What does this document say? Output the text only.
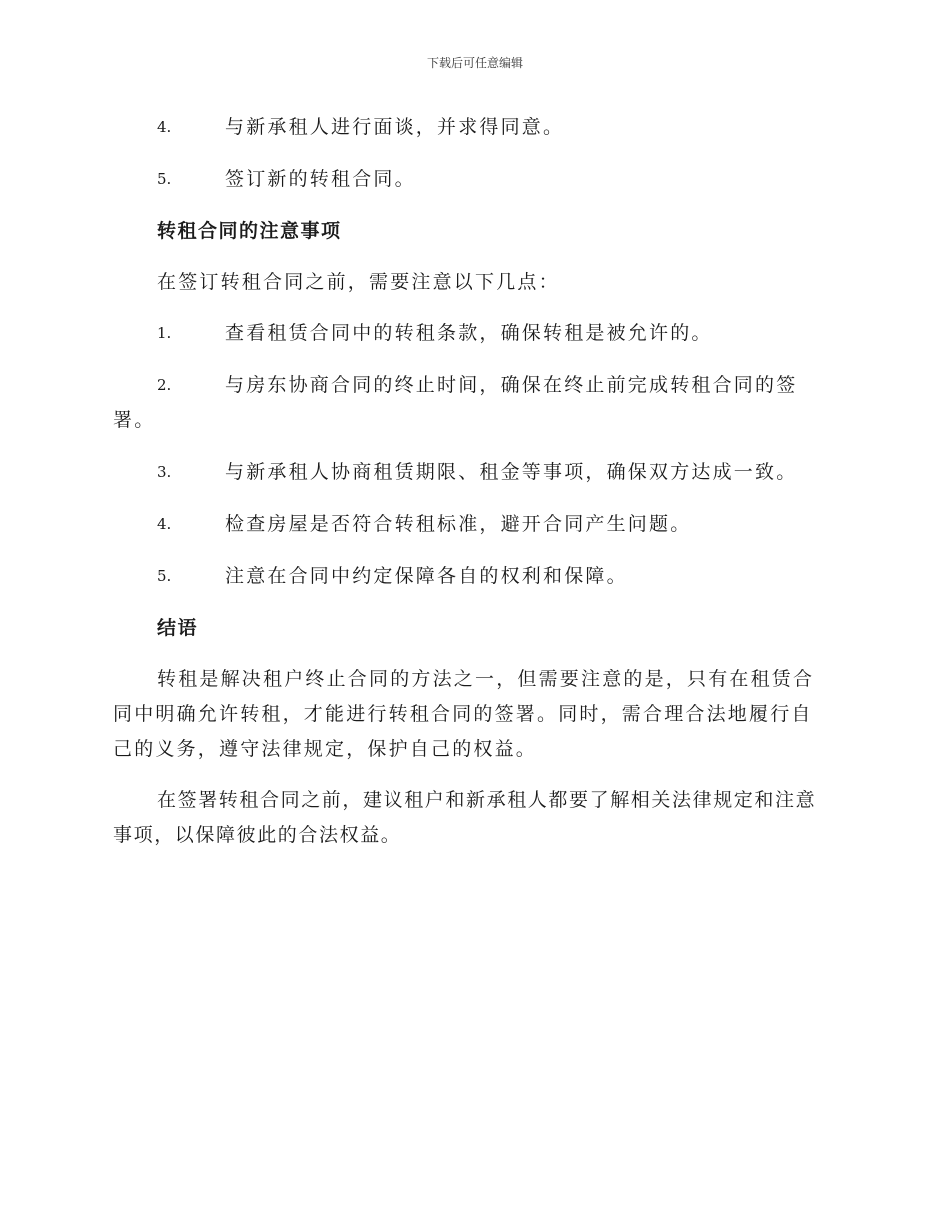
下载后可任意编辑
4.	与新承租人进行面谈，并求得同意。
5.	签订新的转租合同。
转租合同的注意事项
在签订转租合同之前，需要注意以下几点：
1.	查看租赁合同中的转租条款，确保转租是被允许的。
2.	与房东协商合同的终止时间，确保在终止前完成转租合同的签署。
3.	与新承租人协商租赁期限、租金等事项，确保双方达成一致。
4.	检查房屋是否符合转租标准，避开合同产生问题。
5.	注意在合同中约定保障各自的权利和保障。
结语
转租是解决租户终止合同的方法之一，但需要注意的是，只有在租赁合同中明确允许转租，才能进行转租合同的签署。同时，需合理合法地履行自己的义务，遵守法律规定，保护自己的权益。
在签署转租合同之前，建议租户和新承租人都要了解相关法律规定和注意事项，以保障彼此的合法权益。
